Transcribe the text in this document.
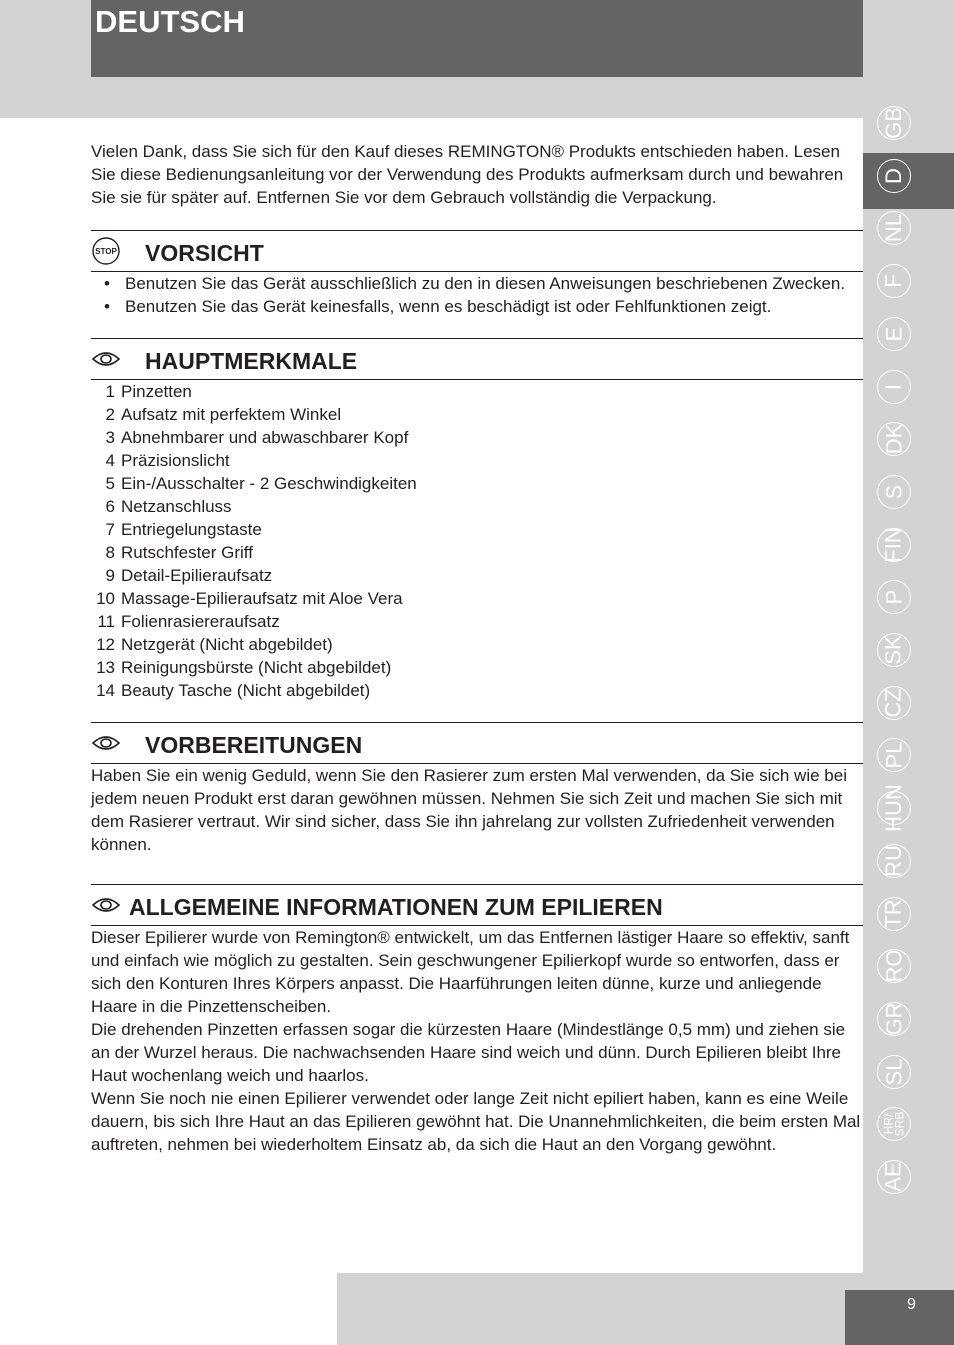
DEUTSCH
GB
D
NL
F
E
I
DK
S
FIN
P
SK
CZ
PL
HUN
RU
TR
RO
GR
SL
HR/
SRB
AE

Vielen Dank, dass Sie sich für den Kauf dieses REMINGTON® Produkts entschieden haben. Lesen Sie diese Bedienungsanleitung vor der Verwendung des Produkts aufmerksam durch und bewahren Sie sie für später auf. Entfernen Sie vor dem Gebrauch vollständig die Verpackung.

STOP VORSICHT
• Benutzen Sie das Gerät ausschließlich zu den in diesen Anweisungen beschriebenen Zwecken.
• Benutzen Sie das Gerät keinesfalls, wenn es beschädigt ist oder Fehlfunktionen zeigt.
HAUPTMERKMALE
1 Pinzetten
2 Aufsatz mit perfektem Winkel
3 Abnehmbarer und abwaschbarer Kopf
4 Präzisionslicht
5 Ein-/Ausschalter - 2 Geschwindigkeiten
6 Netzanschluss
7 Entriegelungstaste
8 Rutschfester Griff
9 Detail-Epilieraufsatz
10 Massage-Epilieraufsatz mit Aloe Vera
11 Folienrasiereraufsatz
12 Netzgerät (Nicht abgebildet)
13 Reinigungsbürste (Nicht abgebildet)
14 Beauty Tasche (Nicht abgebildet)
VORBEREITUNGEN

Haben Sie ein wenig Geduld, wenn Sie den Rasierer zum ersten Mal verwenden, da Sie sich wie bei jedem neuen Produkt erst daran gewöhnen müssen. Nehmen Sie sich Zeit und machen Sie sich mit dem Rasierer vertraut. Wir sind sicher, dass Sie ihn jahrelang zur vollsten Zufriedenheit verwenden können.

ALLGEMEINE INFORMATIONEN ZUM EPILIEREN

Dieser Epilierer wurde von Remington® entwickelt, um das Entfernen lästiger Haare so effektiv, sanft und einfach wie möglich zu gestalten. Sein geschwungener Epilierkopf wurde so entworfen, dass er sich den Konturen Ihres Körpers anpasst. Die Haarführungen leiten dünne, kurze und anliegende Haare in die Pinzettenscheiben.

Die drehenden Pinzetten erfassen sogar die kürzesten Haare (Mindestlänge 0,5 mm) und ziehen sie an der Wurzel heraus. Die nachwachsenden Haare sind weich und dünn. Durch Epilieren bleibt Ihre Haut wochenlang weich und haarlos.

Wenn Sie noch nie einen Epilierer verwendet oder lange Zeit nicht epiliert haben, kann es eine Weile dauern, bis sich Ihre Haut an das Epilieren gewöhnt hat. Die Unannehmlichkeiten, die beim ersten Mal auftreten, nehmen bei wiederholtem Einsatz ab, da sich die Haut an den Vorgang gewöhnt.

9
